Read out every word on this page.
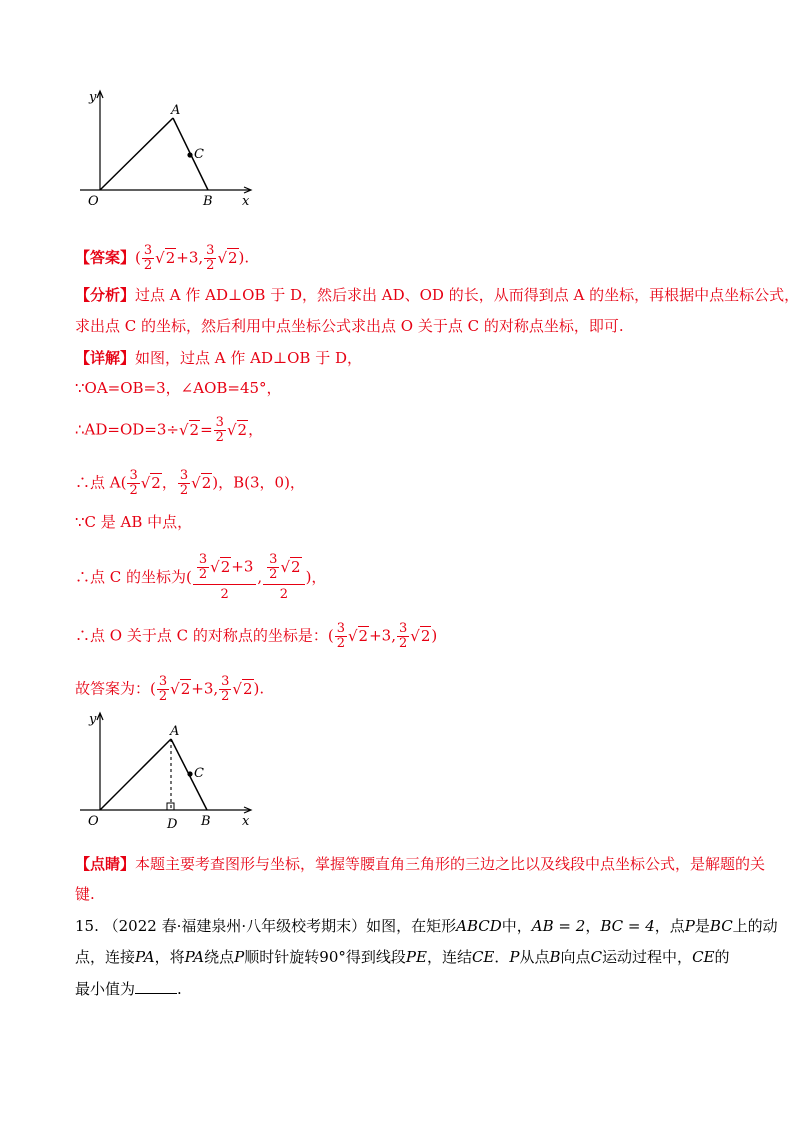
y
A
C
O	B x
【答案】( $\frac{3}{2} √2+3$, $\frac{3}{2} √2$).
【分析】过点 A 作 AD⊥OB 于 D，然后求出 AD、OD 的长，从而得到点 A 的坐标，再根据中点坐标公式，
求出点 C 的坐标，然后利用中点坐标公式求出点 O 关于点 C 的对称点坐标，即可.
【详解】如图，过点 A 作 AD⊥OB 于 D，
∵OA=OB=3，∠AOB=45°，
∴AD=OD=3÷√2= $\frac{3}{2} √2$，
∴点 $A( \frac{3}{2} √2$， $\frac{3}{2} √2$)，B(3，0)，
∵C 是 AB 中点，
∴点 C 的坐标为( $\frac{\frac{3}{2} √2+3}{2}$ , $\frac{\frac{3}{2} √2}{2}$ )，
∴点 O 关于点 C 的对称点的坐标是：( $\frac{3}{2} √2+3$, $\frac{3}{2} √2$)
故答案为：( $\frac{3}{2} √2+3$, $\frac{3}{2} √2$).
y
A
C
O	D B x
【点睛】本题主要考查图形与坐标，掌握等腰直角三角形的三边之比以及线段中点坐标公式，是解题的关
键.
15. （2022 春·福建泉州·八年级校考期末）如图，在矩形ABCD中，AB = 2，BC = 4，点P是BC上的动
点，连接PA，将PA绕点P顺时针旋转90°得到线段PE，连结CE．P从点B向点C运动过程中，CE的
最小值为	.
